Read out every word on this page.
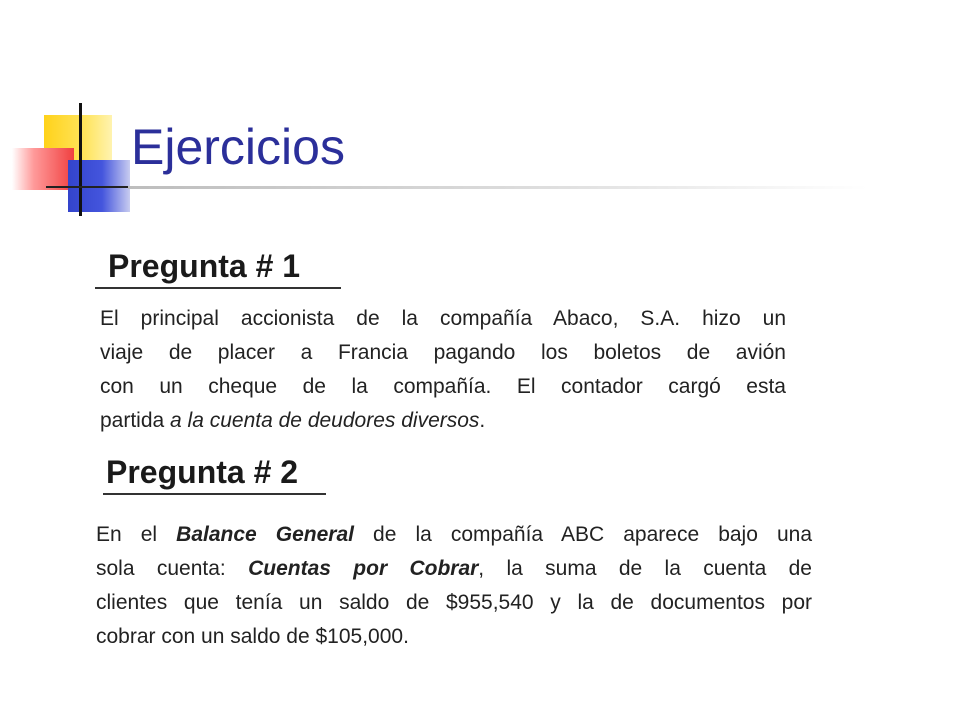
Ejercicios
Pregunta # 1
El principal accionista de la compañía Abaco, S.A. hizo un
viaje de placer a Francia pagando los boletos de avión
con un cheque de la compañía. El contador cargó esta
partida a la cuenta de deudores diversos.
Pregunta # 2
En el Balance General de la compañía ABC aparece bajo una
sola cuenta: Cuentas por Cobrar, la suma de la cuenta de
clientes que tenía un saldo de $955,540 y la de documentos por
cobrar con un saldo de $105,000.
